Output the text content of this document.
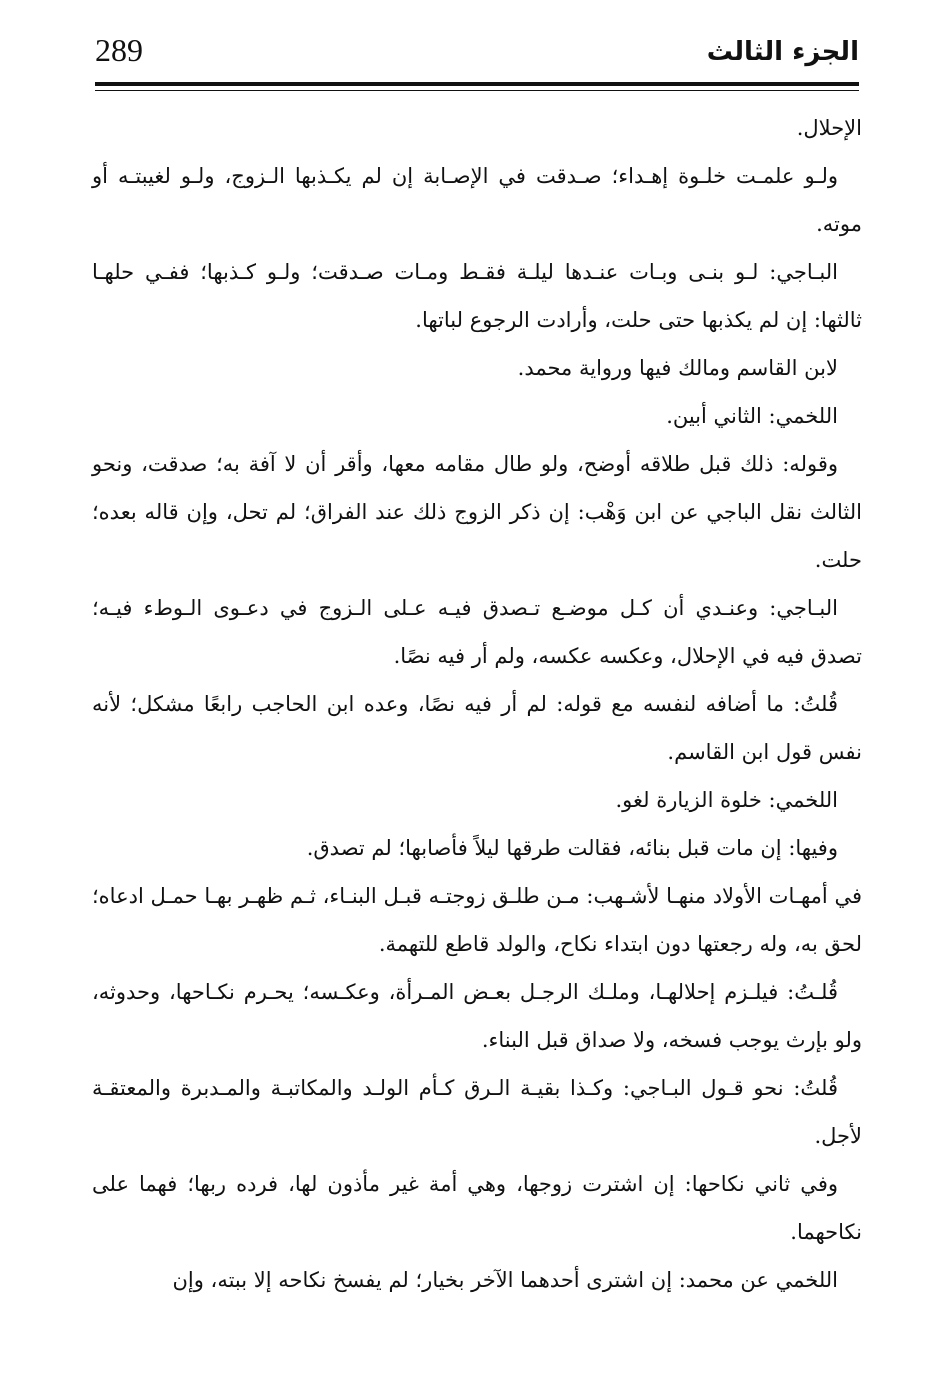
289	الجزء الثالث

الإحلال.

ولـو علمـت خلـوة إهـداء؛ صـدقت في الإصـابة إن لم يكـذبها الـزوج، ولـو لغيبتـه أو موته.

البـاجي: لـو بنـى وبـات عنـدها ليلـة فقـط ومـات صـدقت؛ ولـو كـذبها؛ ففـي حلهـا ثالثها: إن لم يكذبها حتى حلت، وأرادت الرجوع لباتها.

لابن القاسم ومالك فيها ورواية محمد.

اللخمي: الثاني أبين.

وقوله: ذلك قبل طلاقه أوضح، ولو طال مقامه معها، وأقر أن لا آفة به؛ صدقت، ونحو الثالث نقل الباجي عن ابن وَهْب: إن ذكر الزوج ذلك عند الفراق؛ لم تحل، وإن قاله بعده؛ حلت.

البـاجي: وعنـدي أن كـل موضـع تـصدق فيـه عـلى الـزوج في دعـوى الـوطء فيـه؛ تصدق فيه في الإحلال، وعكسه عكسه، ولم أر فيه نصًا.

قُلتُ: ما أضافه لنفسه مع قوله: لم أر فيه نصًا، وعده ابن الحاجب رابعًا مشكل؛ لأنه نفس قول ابن القاسم.

اللخمي: خلوة الزيارة لغو.

وفيها: إن مات قبل بنائه، فقالت طرقها ليلاً فأصابها؛ لم تصدق.

في أمهـات الأولاد منهـا لأشـهب: مـن طلـق زوجتـه قبـل البنـاء، ثـم ظهـر بهـا حمـل ادعاه؛ لحق به، وله رجعتها دون ابتداء نكاح، والولد قاطع للتهمة.

قُلـتُ: فيلـزم إحلالهـا، وملـك الرجـل بعـض المـرأة، وعكـسه؛ يحـرم نكـاحها، وحدوثه، ولو بإرث يوجب فسخه، ولا صداق قبل البناء.

قُلتُ: نحو قـول البـاجي: وكـذا بقيـة الـرق كـأم الولـد والمكاتبـة والمـدبرة والمعتقـة لأجل.

وفي ثاني نكاحها: إن اشترت زوجها، وهي أمة غير مأذون لها، فرده ربها؛ فهما على نكاحهما.

اللخمي عن محمد: إن اشترى أحدهما الآخر بخيار؛ لم يفسخ نكاحه إلا ببته، وإن
